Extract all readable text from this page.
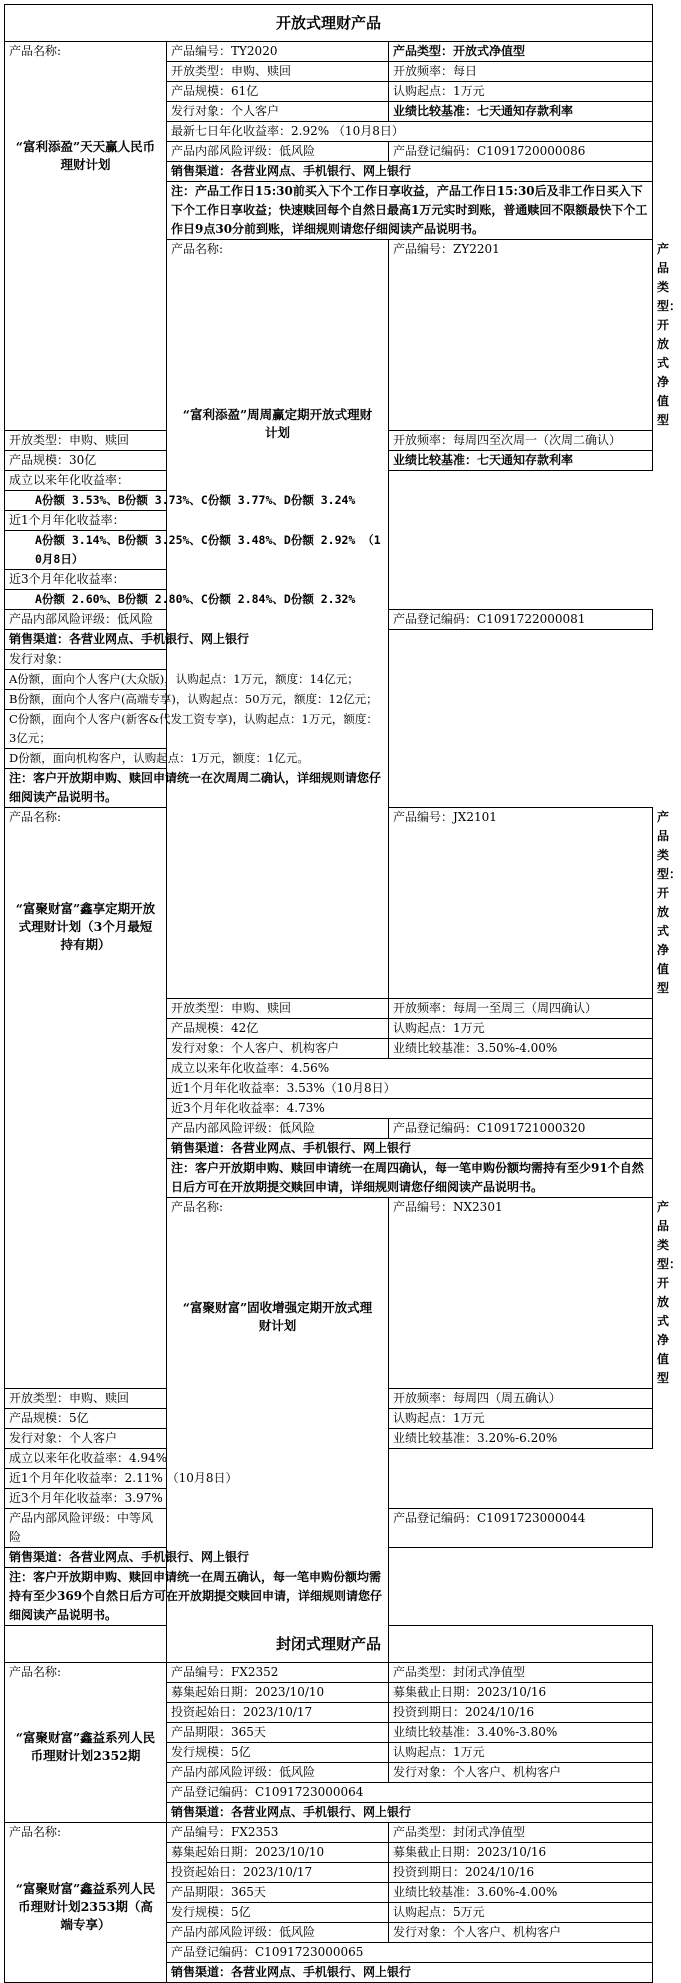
开放式理财产品			

产品名称:
“富利添盈”天天赢人民币理财计划	产品编号：TY2020	产品类型：开放式净值型	
	开放类型：申购、赎回	开放频率：每日	
	产品规模：61亿	认购起点：1万元	
	发行对象：个人客户	业绩比较基准：七天通知存款利率	
	最新七日年化收益率：2.92% （10月8日）		
	产品内部风险评级：低风险	产品登记编码：C1091720000086	
	销售渠道：各营业网点、手机银行、网上银行		
	注：产品工作日15:30前买入下个工作日享收益，产品工作日15:30后及非工作日买入下下个工作日享收益；快速赎回每个自然日最高1万元实时到账，普通赎回不限额最快下个工作日9点30分前到账，详细规则请您仔细阅读产品说明书。		

	产品名称:
“富利添盈”周周赢定期开放式理财计划	产品编号：ZY2201	产品类型：开放式净值型
开放类型：申购、赎回		开放频率：每周四至次周一（次周二确认）	
产品规模：30亿		业绩比较基准：七天通知存款利率	
成立以来年化收益率：			
A份额 3.53%、B份额 3.73%、C份额 3.77%、D份额 3.24%			
近1个月年化收益率：			
A份额 3.14%、B份额 3.25%、C份额 3.48%、D份额 2.92% （10月8日）			
近3个月年化收益率：			
A份额 2.60%、B份额 2.80%、C份额 2.84%、D份额 2.32%			
产品内部风险评级：低风险		产品登记编码：C1091722000081	
销售渠道：各营业网点、手机银行、网上银行			
发行对象：			
A份额，面向个人客户(大众版)，认购起点：1万元，额度：14亿元；			
B份额，面向个人客户(高端专享)，认购起点：50万元，额度：12亿元；			
C份额，面向个人客户(新客&代发工资专享)，认购起点：1万元，额度：3亿元；			
D份额，面向机构客户，认购起点：1万元，额度：1亿元。			
注：客户开放期申购、赎回申请统一在次周周二确认，详细规则请您仔细阅读产品说明书。			

产品名称:
“富聚财富”鑫享定期开放式理财计划（3个月最短持有期）		产品编号：JX2101	产品类型：开放式净值型
	开放类型：申购、赎回	开放频率：每周一至周三（周四确认）	
	产品规模：42亿	认购起点：1万元	
	发行对象：个人客户、机构客户	业绩比较基准：3.50%-4.00%	
	成立以来年化收益率：4.56%		
	近1个月年化收益率：3.53%（10月8日）		
	近3个月年化收益率：4.73%		
	产品内部风险评级：低风险	产品登记编码：C1091721000320	
	销售渠道：各营业网点、手机银行、网上银行		
	注：客户开放期申购、赎回申请统一在周四确认，每一笔申购份额均需持有至少91个自然日后方可在开放期提交赎回申请，详细规则请您仔细阅读产品说明书。		

	产品名称:
“富聚财富”固收增强定期开放式理财计划	产品编号：NX2301	产品类型：开放式净值型
开放类型：申购、赎回		开放频率：每周四（周五确认）	
产品规模：5亿		认购起点：1万元	
发行对象：个人客户		业绩比较基准：3.20%-6.20%	
成立以来年化收益率：4.94%			
近1个月年化收益率：2.11% （10月8日）			
近3个月年化收益率：3.97%			
产品内部风险评级：中等风险		产品登记编码：C1091723000044	
销售渠道：各营业网点、手机银行、网上银行			
注：客户开放期申购、赎回申请统一在周五确认，每一笔申购份额均需持有至少369个自然日后方可在开放期提交赎回申请，详细规则请您仔细阅读产品说明书。			
封闭式理财产品			

产品名称:
“富聚财富”鑫益系列人民币理财计划2352期	产品编号：FX2352	产品类型：封闭式净值型	
	募集起始日期：2023/10/10	募集截止日期：2023/10/16	
	投资起始日：2023/10/17	投资到期日：2024/10/16	
	产品期限：365天	业绩比较基准：3.40%-3.80%	
	发行规模：5亿	认购起点：1万元	
	产品内部风险评级：低风险	发行对象：个人客户、机构客户	
	产品登记编码：C1091723000064		
	销售渠道：各营业网点、手机银行、网上银行		

产品名称:
“富聚财富”鑫益系列人民币理财计划2353期（高端专享）	产品编号：FX2353	产品类型：封闭式净值型	
	募集起始日期：2023/10/10	募集截止日期：2023/10/16	
	投资起始日：2023/10/17	投资到期日：2024/10/16	
	产品期限：365天	业绩比较基准：3.60%-4.00%	
	发行规模：5亿	认购起点：5万元	
	产品内部风险评级：低风险	发行对象：个人客户、机构客户	
	产品登记编码：C1091723000065		
	销售渠道：各营业网点、手机银行、网上银行		
